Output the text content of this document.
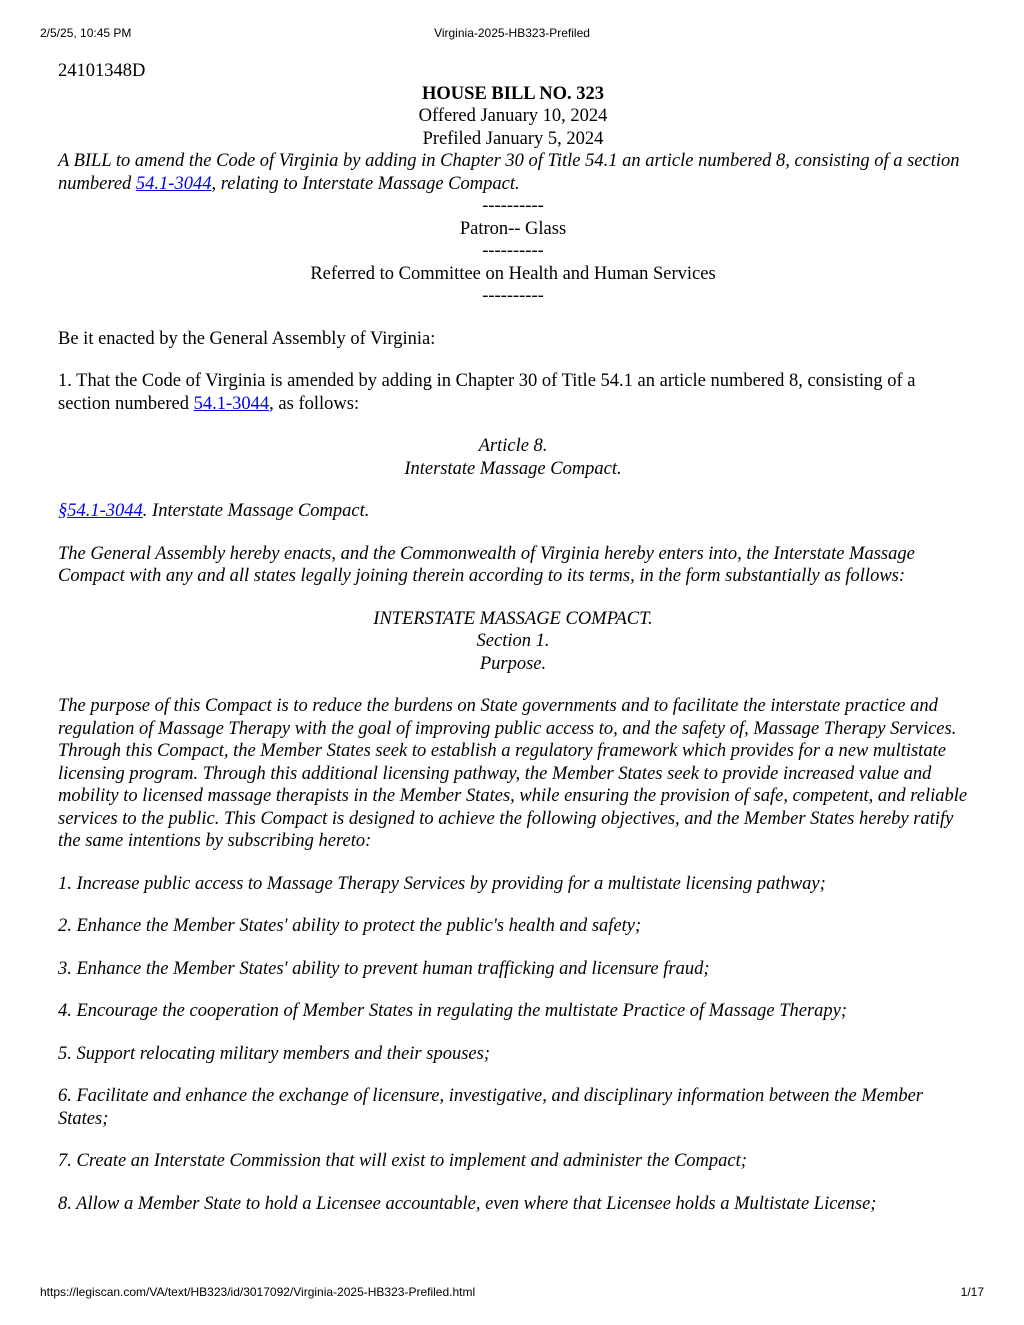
2/5/25, 10:45 PM	Virginia-2025-HB323-Prefiled

24101348D

HOUSE BILL NO. 323

Offered January 10, 2024

Prefiled January 5, 2024

A BILL to amend the Code of Virginia by adding in Chapter 30 of Title 54.1 an article numbered 8, consisting of a section numbered 54.1-3044, relating to Interstate Massage Compact.

----------

Patron-- Glass

----------

Referred to Committee on Health and Human Services

----------

Be it enacted by the General Assembly of Virginia:

1. That the Code of Virginia is amended by adding in Chapter 30 of Title 54.1 an article numbered 8, consisting of a section numbered 54.1-3044, as follows:

Article 8.

Interstate Massage Compact.

§54.1-3044. Interstate Massage Compact.

The General Assembly hereby enacts, and the Commonwealth of Virginia hereby enters into, the Interstate Massage Compact with any and all states legally joining therein according to its terms, in the form substantially as follows:

INTERSTATE MASSAGE COMPACT.

Section 1.

Purpose.

The purpose of this Compact is to reduce the burdens on State governments and to facilitate the interstate practice and regulation of Massage Therapy with the goal of improving public access to, and the safety of, Massage Therapy Services. Through this Compact, the Member States seek to establish a regulatory framework which provides for a new multistate licensing program. Through this additional licensing pathway, the Member States seek to provide increased value and mobility to licensed massage therapists in the Member States, while ensuring the provision of safe, competent, and reliable services to the public. This Compact is designed to achieve the following objectives, and the Member States hereby ratify the same intentions by subscribing hereto:

1. Increase public access to Massage Therapy Services by providing for a multistate licensing pathway;

2. Enhance the Member States' ability to protect the public's health and safety;

3. Enhance the Member States' ability to prevent human trafficking and licensure fraud;

4. Encourage the cooperation of Member States in regulating the multistate Practice of Massage Therapy;

5. Support relocating military members and their spouses;

6. Facilitate and enhance the exchange of licensure, investigative, and disciplinary information between the Member States;

7. Create an Interstate Commission that will exist to implement and administer the Compact;

8. Allow a Member State to hold a Licensee accountable, even where that Licensee holds a Multistate License;

https://legiscan.com/VA/text/HB323/id/3017092/Virginia-2025-HB323-Prefiled.html	1/17
